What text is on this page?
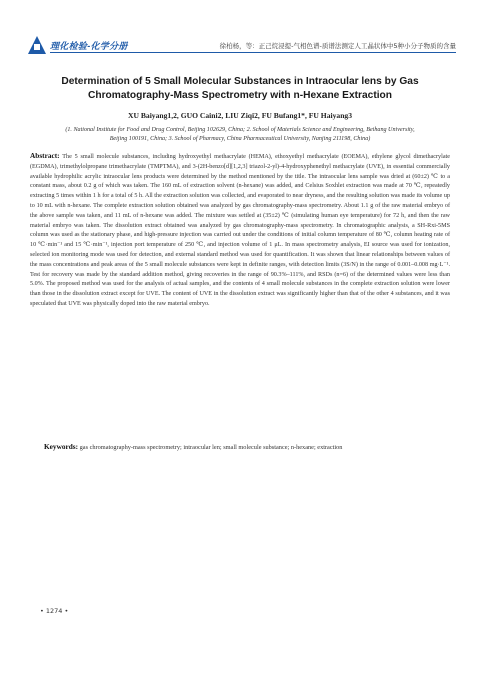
理化检验-化学分册	徐柏杨，等：正己烷浸提-气相色谱-质谱法测定人工晶状体中5种小分子物质的含量
Determination of 5 Small Molecular Substances in Intraocular lens by Gas Chromatography-Mass Spectrometry with n-Hexane Extraction
XU Baiyang1,2, GUO Caini2, LIU Ziqi2, FU Bufang1*, FU Haiyang3
(1. National Institute for Food and Drug Control, Beijing 102629, China; 2. School of Materials Science and Engineering, Beihang University, Beijing 100191, China; 3. School of Pharmacy, China Pharmaceutical University, Nanjing 211198, China)
Abstract: The 5 small molecule substances, including hydroxyethyl methacrylate (HEMA), ethoxyethyl methacrylate (EOEMA), ethylene glycol dimethacrylate (EGDMA), trimethylolpropane trimethacrylate (TMPTMA), and 3-(2H-benzo[d][1,2,3] triazol-2-yl)-4-hydroxyphenethyl methacrylate (UVE), in essential commercially available hydrophilic acrylic intraocular lens products were determined by the method mentioned by the title. The intraocular lens sample was dried at (60±2) ℃ to a constant mass, about 0.2 g of which was taken. The 160 mL of extraction solvent (n-hexane) was added, and Celsius Soxhlet extraction was made at 70 ℃, repeatedly extracting 5 times within 1 h for a total of 5 h. All the extraction solution was collected, and evaporated to near dryness, and the resulting solution was made its volume up to 10 mL with n-hexane. The complete extraction solution obtained was analyzed by gas chromatography-mass spectrometry. About 1.1 g of the raw material embryo of the above sample was taken, and 11 mL of n-hexane was added. The mixture was settled at (35±2) ℃ (simulating human eye temperature) for 72 h, and then the raw material embryo was taken. The dissolution extract obtained was analyzed by gas chromatography-mass spectrometry. In chromatographic analysis, a SH-Rxi-5MS column was used as the stationary phase, and high-pressure injection was carried out under the conditions of initial column temperature of 80 ℃, column heating rate of 10 ℃·min⁻¹ and 15 ℃·min⁻¹, injection port temperature of 250 ℃, and injection volume of 1 μL. In mass spectrometry analysis, EI source was used for ionization, selected ion monitoring mode was used for detection, and external standard method was used for quantification. It was shown that linear relationships between values of the mass concentrations and peak areas of the 5 small molecule substances were kept in definite ranges, with detection limits (3S/N) in the range of 0.001–0.008 mg·L⁻¹. Test for recovery was made by the standard addition method, giving recoveries in the range of 90.3%–111%, and RSDs (n=6) of the determined values were less than 5.0%. The proposed method was used for the analysis of actual samples, and the contents of 4 small molecule substances in the complete extraction solution were lower than those in the dissolution extract except for UVE. The content of UVE in the dissolution extract was significantly higher than that of the other 4 substances, and it was speculated that UVE was physically doped into the raw material embryo.
Keywords: gas chromatography-mass spectrometry; intraocular len; small molecule substance; n-hexane; extraction
• 1274 •
